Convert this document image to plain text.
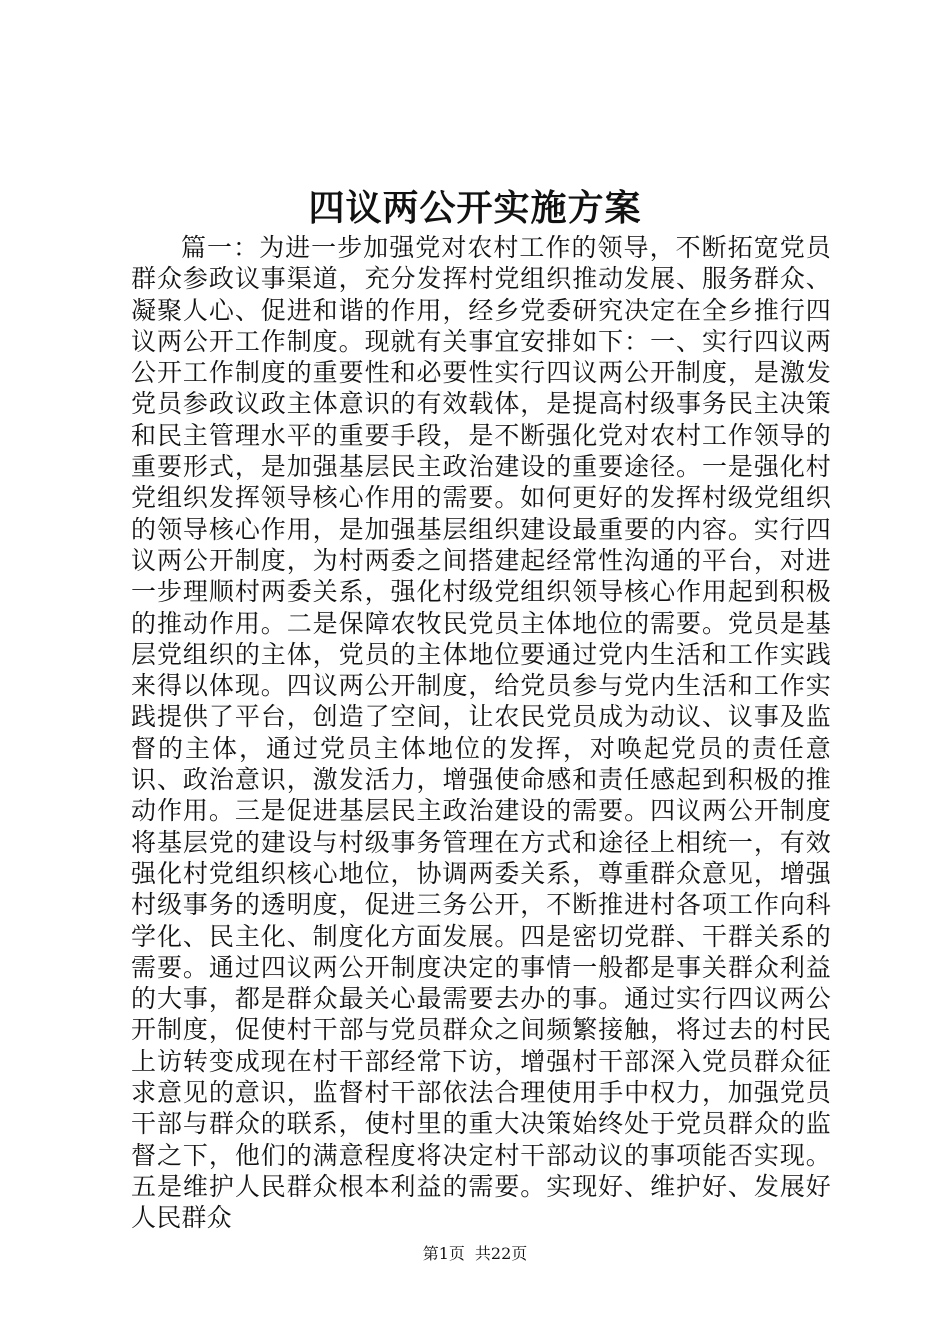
四议两公开实施方案

篇一：为进一步加强党对农村工作的领导，不断拓宽党员群众参政议事渠道，充分发挥村党组织推动发展、服务群众、凝聚人心、促进和谐的作用，经乡党委研究决定在全乡推行四议两公开工作制度。现就有关事宜安排如下：一、实行四议两公开工作制度的重要性和必要性实行四议两公开制度，是激发党员参政议政主体意识的有效载体，是提高村级事务民主决策和民主管理水平的重要手段，是不断强化党对农村工作领导的重要形式，是加强基层民主政治建设的重要途径。一是强化村党组织发挥领导核心作用的需要。如何更好的发挥村级党组织的领导核心作用，是加强基层组织建设最重要的内容。实行四议两公开制度，为村两委之间搭建起经常性沟通的平台，对进一步理顺村两委关系，强化村级党组织领导核心作用起到积极的推动作用。二是保障农牧民党员主体地位的需要。党员是基层党组织的主体，党员的主体地位要通过党内生活和工作实践来得以体现。四议两公开制度，给党员参与党内生活和工作实践提供了平台，创造了空间，让农民党员成为动议、议事及监督的主体，通过党员主体地位的发挥，对唤起党员的责任意识、政治意识，激发活力，增强使命感和责任感起到积极的推动作用。三是促进基层民主政治建设的需要。四议两公开制度将基层党的建设与村级事务管理在方式和途径上相统一，有效强化村党组织核心地位，协调两委关系，尊重群众意见，增强村级事务的透明度，促进三务公开，不断推进村各项工作向科学化、民主化、制度化方面发展。四是密切党群、干群关系的需要。通过四议两公开制度决定的事情一般都是事关群众利益的大事，都是群众最关心最需要去办的事。通过实行四议两公开制度，促使村干部与党员群众之间频繁接触，将过去的村民上访转变成现在村干部经常下访，增强村干部深入党员群众征求意见的意识，监督村干部依法合理使用手中权力，加强党员干部与群众的联系，使村里的重大决策始终处于党员群众的监督之下，他们的满意程度将决定村干部动议的事项能否实现。五是维护人民群众根本利益的需要。实现好、维护好、发展好人民群众

第1页 共22页
